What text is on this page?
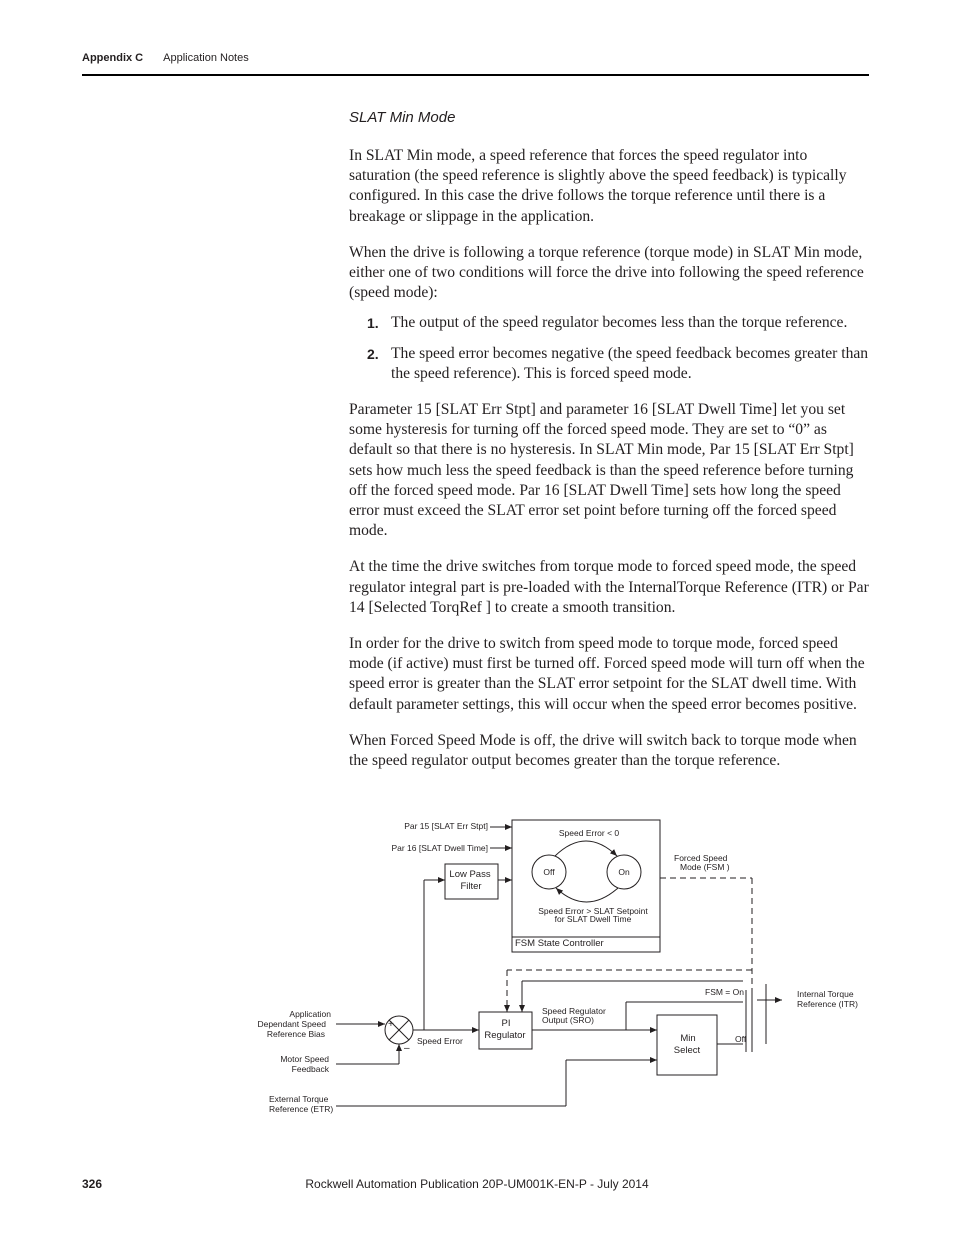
Appendix C Application Notes
SLAT Min Mode

In SLAT Min mode, a speed reference that forces the speed regulator into saturation (the speed reference is slightly above the speed feedback) is typically configured. In this case the drive follows the torque reference until there is a breakage or slippage in the application.

When the drive is following a torque reference (torque mode) in SLAT Min mode, either one of two conditions will force the drive into following the speed reference (speed mode):

1. The output of the speed regulator becomes less than the torque reference.
2. The speed error becomes negative (the speed feedback becomes greater than the speed reference). This is forced speed mode.

Parameter 15 [SLAT Err Stpt] and parameter 16 [SLAT Dwell Time] let you set some hysteresis for turning off the forced speed mode. They are set to “0” as default so that there is no hysteresis. In SLAT Min mode, Par 15 [SLAT Err Stpt] sets how much less the speed feedback is than the speed reference before turning off the forced speed mode. Par 16 [SLAT Dwell Time] sets how long the speed error must exceed the SLAT error set point before turning off the forced speed mode.

At the time the drive switches from torque mode to forced speed mode, the speed regulator integral part is pre-loaded with the InternalTorque Reference (ITR) or Par 14 [Selected TorqRef ] to create a smooth transition.

In order for the drive to switch from speed mode to torque mode, forced speed mode (if active) must first be turned off. Forced speed mode will turn off when the speed error is greater than the SLAT error setpoint for the SLAT dwell time. With default parameter settings, this will occur when the speed error becomes positive.

When Forced Speed Mode is off, the drive will switch back to torque mode when the speed regulator output becomes greater than the torque reference.

Par 15 [SLAT Err Stpt]
Par 16 [SLAT Dwell Time]
Speed Error < 0
Off	On
Speed Error > SLAT Setpoint
for SLAT Dwell Time
FSM State Controller
Low Pass
Filter
Forced Speed
Mode (FSM )
Application
Dependant Speed
Reference Bias
Motor Speed
Feedback
+
–
Speed Error
PI
Regulator
Speed Regulator
Output (SRO)
Min
Select
FSM = On
Off
Internal Torque
Reference (ITR)
External Torque
Reference (ETR)
326	Rockwell Automation Publication 20P-UM001K-EN-P - July 2014
